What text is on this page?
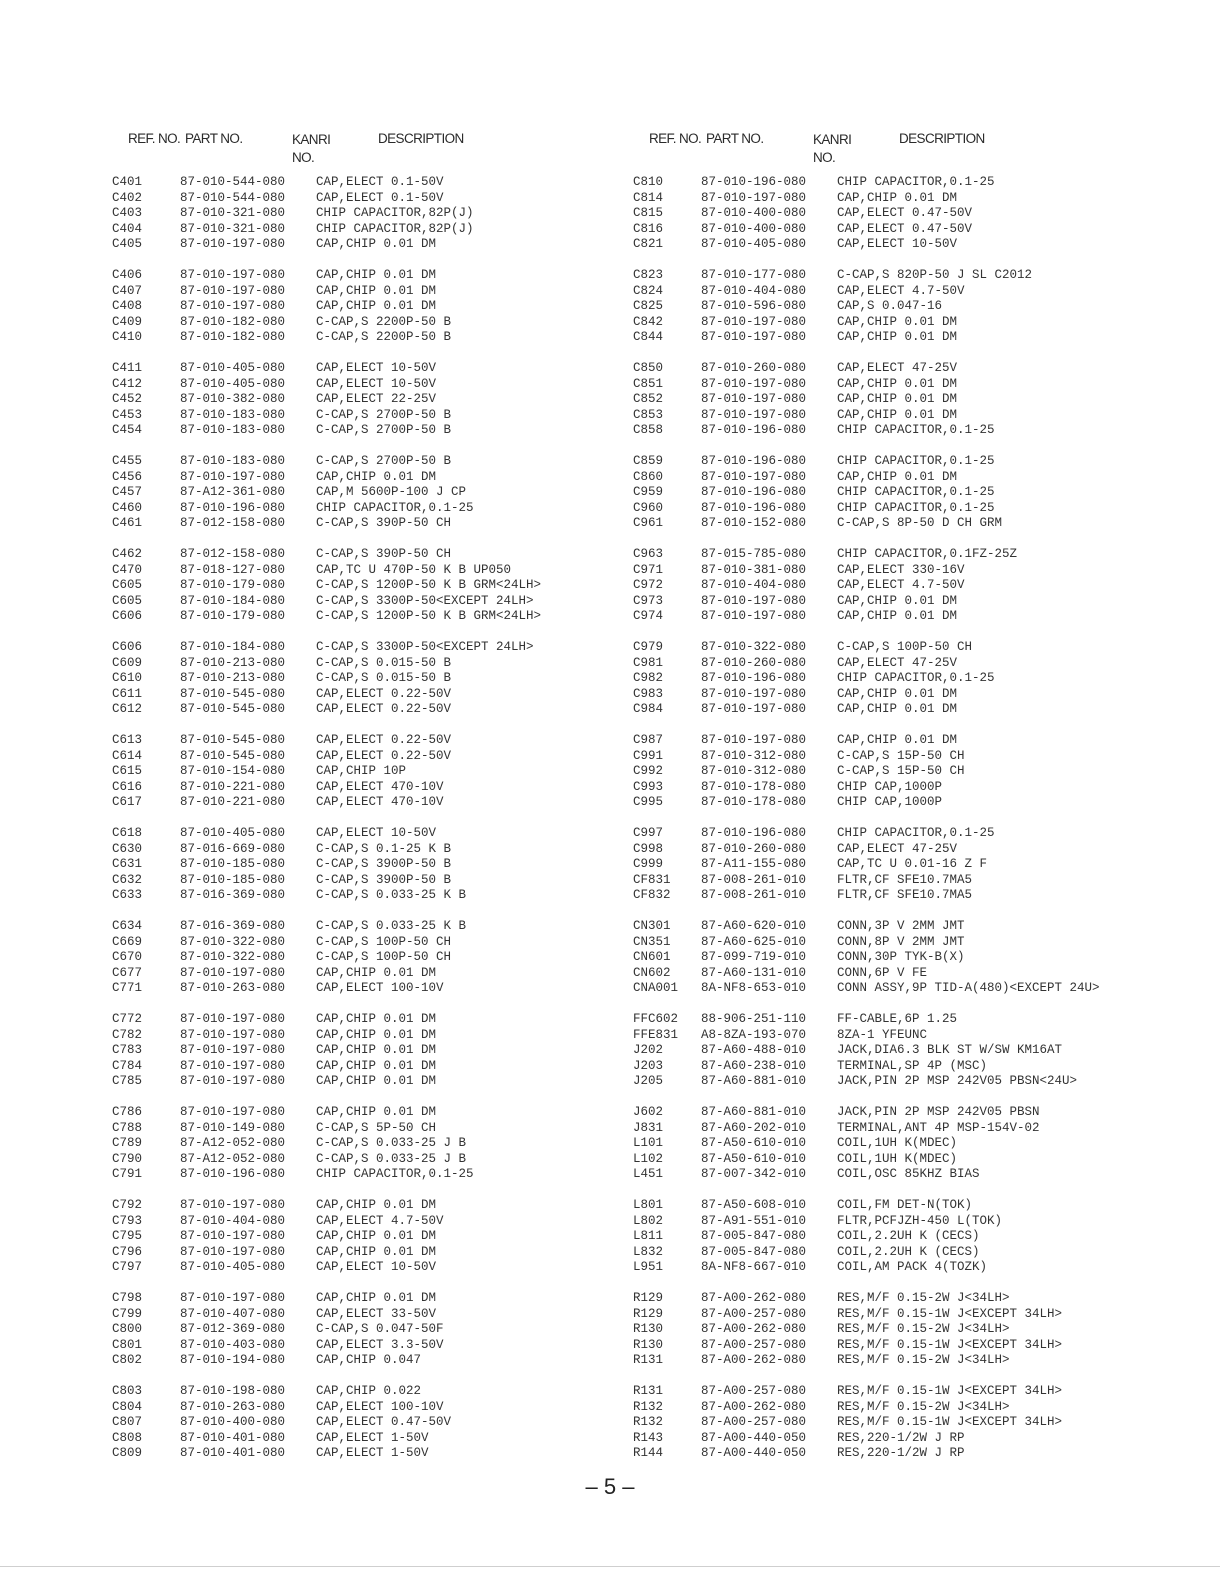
REF. NO. PART NO.	KANRI
NO.
DESCRIPTION
C401	87-010-544-080 CAP,ELECT 0.1-50V
C402	87-010-544-080 CAP,ELECT 0.1-50V
C403	87-010-321-080 CHIP CAPACITOR,82P(J)
C404	87-010-321-080 CHIP CAPACITOR,82P(J)
C405	87-010-197-080 CAP,CHIP 0.01 DM
C406	87-010-197-080 CAP,CHIP 0.01 DM
C407	87-010-197-080 CAP,CHIP 0.01 DM
C408	87-010-197-080 CAP,CHIP 0.01 DM
C409	87-010-182-080 C-CAP,S 2200P-50 B
C410	87-010-182-080 C-CAP,S 2200P-50 B
C411	87-010-405-080 CAP,ELECT 10-50V
C412	87-010-405-080 CAP,ELECT 10-50V
C452	87-010-382-080 CAP,ELECT 22-25V
C453	87-010-183-080 C-CAP,S 2700P-50 B
C454	87-010-183-080 C-CAP,S 2700P-50 B
C455	87-010-183-080 C-CAP,S 2700P-50 B
C456	87-010-197-080 CAP,CHIP 0.01 DM
C457	87-A12-361-080 CAP,M 5600P-100 J CP
C460	87-010-196-080 CHIP CAPACITOR,0.1-25
C461	87-012-158-080 C-CAP,S 390P-50 CH
C462	87-012-158-080 C-CAP,S 390P-50 CH
C470	87-018-127-080 CAP,TC U 470P-50 K B UP050
C605	87-010-179-080 C-CAP,S 1200P-50 K B GRM<24LH>
C605	87-010-184-080 C-CAP,S 3300P-50<EXCEPT 24LH>
C606	87-010-179-080 C-CAP,S 1200P-50 K B GRM<24LH>
C606	87-010-184-080 C-CAP,S 3300P-50<EXCEPT 24LH>
C609	87-010-213-080 C-CAP,S 0.015-50 B
C610	87-010-213-080 C-CAP,S 0.015-50 B
C611	87-010-545-080 CAP,ELECT 0.22-50V
C612	87-010-545-080 CAP,ELECT 0.22-50V
C613	87-010-545-080 CAP,ELECT 0.22-50V
C614	87-010-545-080 CAP,ELECT 0.22-50V
C615	87-010-154-080 CAP,CHIP 10P
C616	87-010-221-080 CAP,ELECT 470-10V
C617	87-010-221-080 CAP,ELECT 470-10V
C618	87-010-405-080 CAP,ELECT 10-50V
C630	87-016-669-080 C-CAP,S 0.1-25 K B
C631	87-010-185-080 C-CAP,S 3900P-50 B
C632	87-010-185-080 C-CAP,S 3900P-50 B
C633	87-016-369-080 C-CAP,S 0.033-25 K B
C634	87-016-369-080 C-CAP,S 0.033-25 K B
C669	87-010-322-080 C-CAP,S 100P-50 CH
C670	87-010-322-080 C-CAP,S 100P-50 CH
C677	87-010-197-080 CAP,CHIP 0.01 DM
C771	87-010-263-080 CAP,ELECT 100-10V
C772	87-010-197-080 CAP,CHIP 0.01 DM
C782	87-010-197-080 CAP,CHIP 0.01 DM
C783	87-010-197-080 CAP,CHIP 0.01 DM
C784	87-010-197-080 CAP,CHIP 0.01 DM
C785	87-010-197-080 CAP,CHIP 0.01 DM
C786	87-010-197-080 CAP,CHIP 0.01 DM
C788	87-010-149-080 C-CAP,S 5P-50 CH
C789	87-A12-052-080 C-CAP,S 0.033-25 J B
C790	87-A12-052-080 C-CAP,S 0.033-25 J B
C791	87-010-196-080 CHIP CAPACITOR,0.1-25
C792	87-010-197-080 CAP,CHIP 0.01 DM
C793	87-010-404-080 CAP,ELECT 4.7-50V
C795	87-010-197-080 CAP,CHIP 0.01 DM
C796	87-010-197-080 CAP,CHIP 0.01 DM
C797	87-010-405-080 CAP,ELECT 10-50V
C798	87-010-197-080 CAP,CHIP 0.01 DM
C799	87-010-407-080 CAP,ELECT 33-50V
C800	87-012-369-080 C-CAP,S 0.047-50F
C801	87-010-403-080 CAP,ELECT 3.3-50V
C802	87-010-194-080 CAP,CHIP 0.047
C803	87-010-198-080 CAP,CHIP 0.022
C804	87-010-263-080 CAP,ELECT 100-10V
C807	87-010-400-080 CAP,ELECT 0.47-50V
C808	87-010-401-080 CAP,ELECT 1-50V
C809	87-010-401-080 CAP,ELECT 1-50V
REF. NO. PART NO.	KANRI
NO.
DESCRIPTION
C810	87-010-196-080 CHIP CAPACITOR,0.1-25
C814	87-010-197-080 CAP,CHIP 0.01 DM
C815	87-010-400-080 CAP,ELECT 0.47-50V
C816	87-010-400-080 CAP,ELECT 0.47-50V
C821	87-010-405-080 CAP,ELECT 10-50V
C823	87-010-177-080 C-CAP,S 820P-50 J SL C2012
C824	87-010-404-080 CAP,ELECT 4.7-50V
C825	87-010-596-080 CAP,S 0.047-16
C842	87-010-197-080 CAP,CHIP 0.01 DM
C844	87-010-197-080 CAP,CHIP 0.01 DM
C850	87-010-260-080 CAP,ELECT 47-25V
C851	87-010-197-080 CAP,CHIP 0.01 DM
C852	87-010-197-080 CAP,CHIP 0.01 DM
C853	87-010-197-080 CAP,CHIP 0.01 DM
C858	87-010-196-080 CHIP CAPACITOR,0.1-25
C859	87-010-196-080 CHIP CAPACITOR,0.1-25
C860	87-010-197-080 CAP,CHIP 0.01 DM
C959	87-010-196-080 CHIP CAPACITOR,0.1-25
C960	87-010-196-080 CHIP CAPACITOR,0.1-25
C961	87-010-152-080 C-CAP,S 8P-50 D CH GRM
C963	87-015-785-080 CHIP CAPACITOR,0.1FZ-25Z
C971	87-010-381-080 CAP,ELECT 330-16V
C972	87-010-404-080 CAP,ELECT 4.7-50V
C973	87-010-197-080 CAP,CHIP 0.01 DM
C974	87-010-197-080 CAP,CHIP 0.01 DM
C979	87-010-322-080 C-CAP,S 100P-50 CH
C981	87-010-260-080 CAP,ELECT 47-25V
C982	87-010-196-080 CHIP CAPACITOR,0.1-25
C983	87-010-197-080 CAP,CHIP 0.01 DM
C984	87-010-197-080 CAP,CHIP 0.01 DM
C987	87-010-197-080 CAP,CHIP 0.01 DM
C991	87-010-312-080 C-CAP,S 15P-50 CH
C992	87-010-312-080 C-CAP,S 15P-50 CH
C993	87-010-178-080 CHIP CAP,1000P
C995	87-010-178-080 CHIP CAP,1000P
C997	87-010-196-080 CHIP CAPACITOR,0.1-25
C998	87-010-260-080 CAP,ELECT 47-25V
C999	87-A11-155-080 CAP,TC U 0.01-16 Z F
CF831 87-008-261-010 FLTR,CF SFE10.7MA5
CF832 87-008-261-010 FLTR,CF SFE10.7MA5
CN301 87-A60-620-010 CONN,3P V 2MM JMT
CN351 87-A60-625-010 CONN,8P V 2MM JMT
CN601 87-099-719-010 CONN,30P TYK-B(X)
CN602 87-A60-131-010 CONN,6P V FE
CNA001 8A-NF8-653-010 CONN ASSY,9P TID-A(480)<EXCEPT 24U>
FFC602 88-906-251-110 FF-CABLE,6P 1.25
FFE831 A8-8ZA-193-070 8ZA-1 YFEUNC
J202	87-A60-488-010 JACK,DIA6.3 BLK ST W/SW KM16AT
J203	87-A60-238-010 TERMINAL,SP 4P (MSC)
J205	87-A60-881-010 JACK,PIN 2P MSP 242V05 PBSN<24U>
J602	87-A60-881-010 JACK,PIN 2P MSP 242V05 PBSN
J831	87-A60-202-010 TERMINAL,ANT 4P MSP-154V-02
L101	87-A50-610-010 COIL,1UH K(MDEC)
L102	87-A50-610-010 COIL,1UH K(MDEC)
L451	87-007-342-010 COIL,OSC 85KHZ BIAS
L801	87-A50-608-010 COIL,FM DET-N(TOK)
L802	87-A91-551-010 FLTR,PCFJZH-450 L(TOK)
L811	87-005-847-080 COIL,2.2UH K (CECS)
L832	87-005-847-080 COIL,2.2UH K (CECS)
L951	8A-NF8-667-010 COIL,AM PACK 4(TOZK)
R129	87-A00-262-080 RES,M/F 0.15-2W J<34LH>
R129	87-A00-257-080 RES,M/F 0.15-1W J<EXCEPT 34LH>
R130	87-A00-262-080 RES,M/F 0.15-2W J<34LH>
R130	87-A00-257-080 RES,M/F 0.15-1W J<EXCEPT 34LH>
R131	87-A00-262-080 RES,M/F 0.15-2W J<34LH>
R131	87-A00-257-080 RES,M/F 0.15-1W J<EXCEPT 34LH>
R132	87-A00-262-080 RES,M/F 0.15-2W J<34LH>
R132	87-A00-257-080 RES,M/F 0.15-1W J<EXCEPT 34LH>
R143	87-A00-440-050 RES,220-1/2W J RP
R144	87-A00-440-050 RES,220-1/2W J RP
– 5 –
